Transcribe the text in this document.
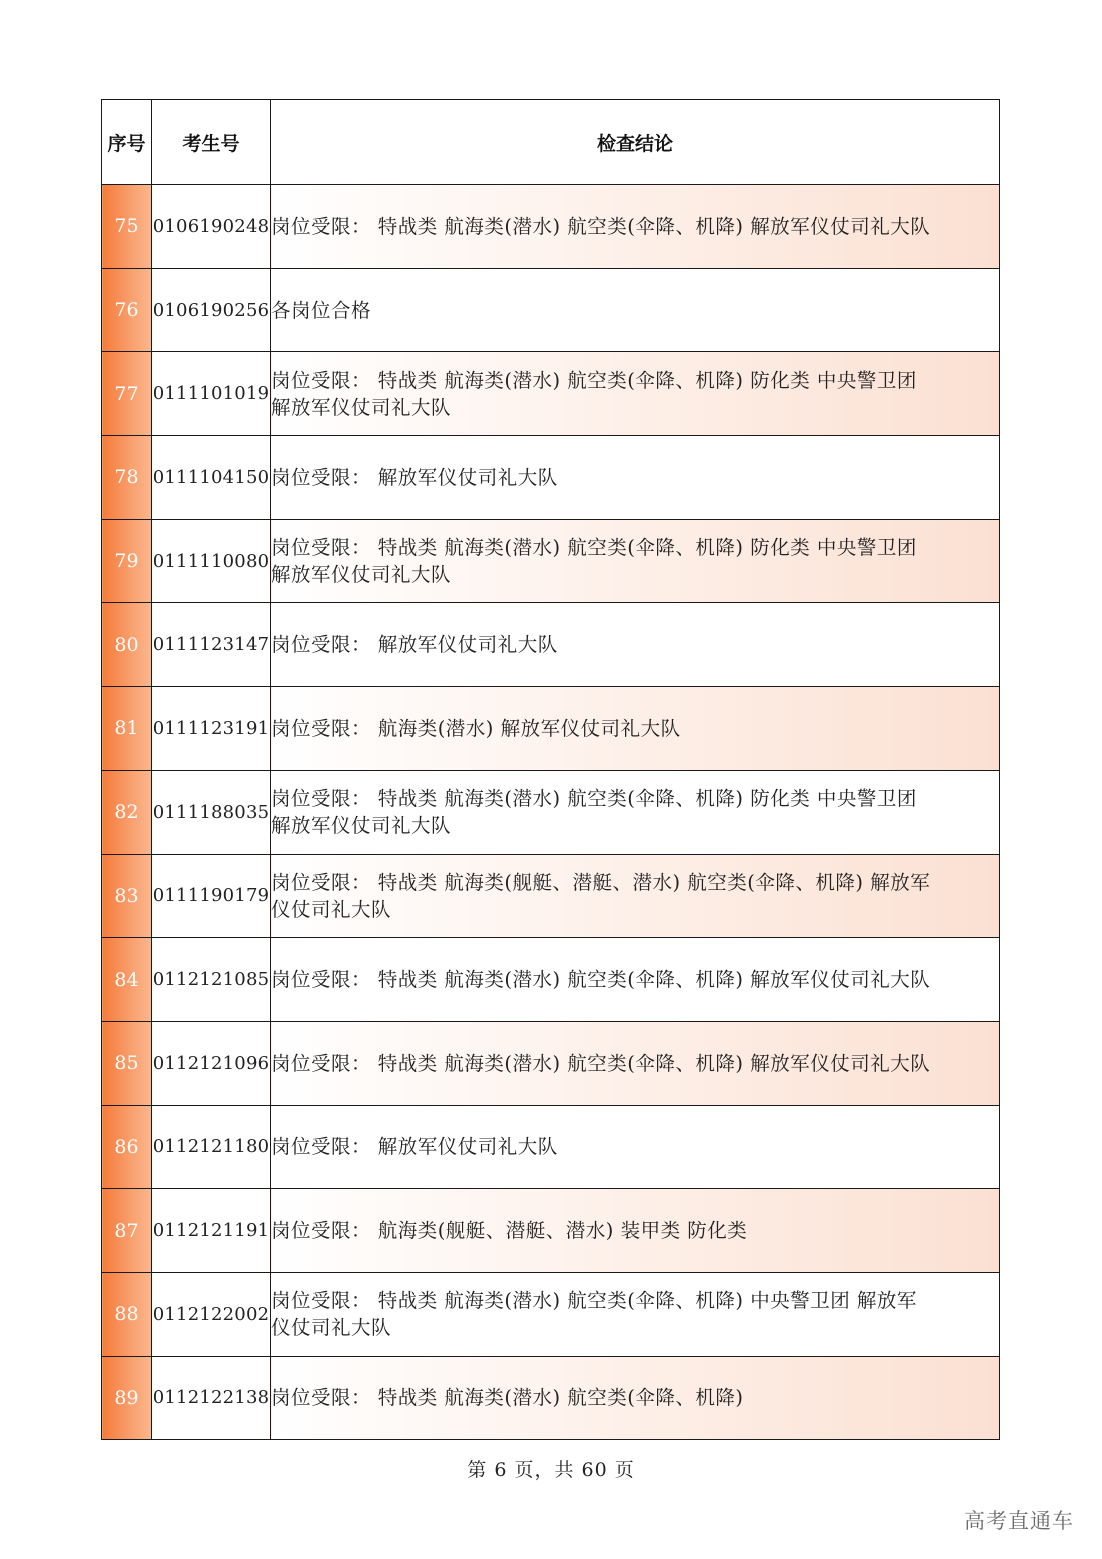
序号	考生号	检查结论
75	0106190248	岗位受限： 特战类 航海类(潜水) 航空类(伞降、机降) 解放军仪仗司礼大队
76	0106190256	各岗位合格
77	0111101019	岗位受限： 特战类 航海类(潜水) 航空类(伞降、机降) 防化类 中央警卫团
解放军仪仗司礼大队
78	0111104150	岗位受限： 解放军仪仗司礼大队
79	0111110080	岗位受限： 特战类 航海类(潜水) 航空类(伞降、机降) 防化类 中央警卫团
解放军仪仗司礼大队
80	0111123147	岗位受限： 解放军仪仗司礼大队
81	0111123191	岗位受限： 航海类(潜水) 解放军仪仗司礼大队
82	0111188035	岗位受限： 特战类 航海类(潜水) 航空类(伞降、机降) 防化类 中央警卫团
解放军仪仗司礼大队
83	0111190179	岗位受限： 特战类 航海类(舰艇、潜艇、潜水) 航空类(伞降、机降) 解放军
仪仗司礼大队
84	0112121085	岗位受限： 特战类 航海类(潜水) 航空类(伞降、机降) 解放军仪仗司礼大队
85	0112121096	岗位受限： 特战类 航海类(潜水) 航空类(伞降、机降) 解放军仪仗司礼大队
86	0112121180	岗位受限： 解放军仪仗司礼大队
87	0112121191	岗位受限： 航海类(舰艇、潜艇、潜水) 装甲类 防化类
88	0112122002	岗位受限： 特战类 航海类(潜水) 航空类(伞降、机降) 中央警卫团 解放军
仪仗司礼大队
89	0112122138	岗位受限： 特战类 航海类(潜水) 航空类(伞降、机降)
第 6 页，共 60 页
高考直通车
